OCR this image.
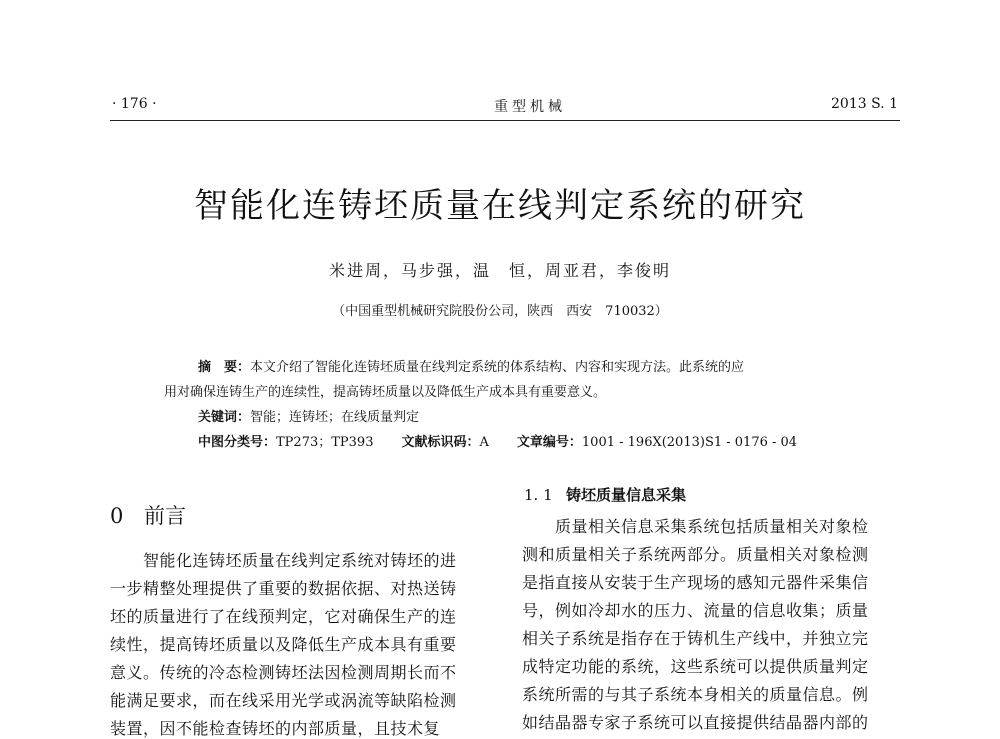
· 176 ·	重型机械	2013 S. 1
智能化连铸坯质量在线判定系统的研究
米进周，马步强，温　恒，周亚君，李俊明
（中国重型机械研究院股份公司，陕西　西安　710032）
摘　要：本文介绍了智能化连铸坯质量在线判定系统的体系结构、内容和实现方法。此系统的应
用对确保连铸生产的连续性，提高铸坯质量以及降低生产成本具有重要意义。
关键词：智能；连铸坯；在线质量判定
中图分类号：TP273；TP393 文献标识码：A 文章编号：1001 - 196X(2013)S1 - 0176 - 04
0 前言
1. 1 铸坯质量信息采集
　　智能化连铸坯质量在线判定系统对铸坯的进
一步精整处理提供了重要的数据依据、对热送铸
坯的质量进行了在线预判定，它对确保生产的连
续性，提高铸坯质量以及降低生产成本具有重要
意义。传统的冷态检测铸坯法因检测周期长而不
能满足要求，而在线采用光学或涡流等缺陷检测
装置，因不能检查铸坯的内部质量，且技术复
　　质量相关信息采集系统包括质量相关对象检
测和质量相关子系统两部分。质量相关对象检测
是指直接从安装于生产现场的感知元器件采集信
号，例如冷却水的压力、流量的信息收集；质量
相关子系统是指存在于铸机生产线中，并独立完
成特定功能的系统，这些系统可以提供质量判定
系统所需的与其子系统本身相关的质量信息。例
如结晶器专家子系统可以直接提供结晶器内部的
